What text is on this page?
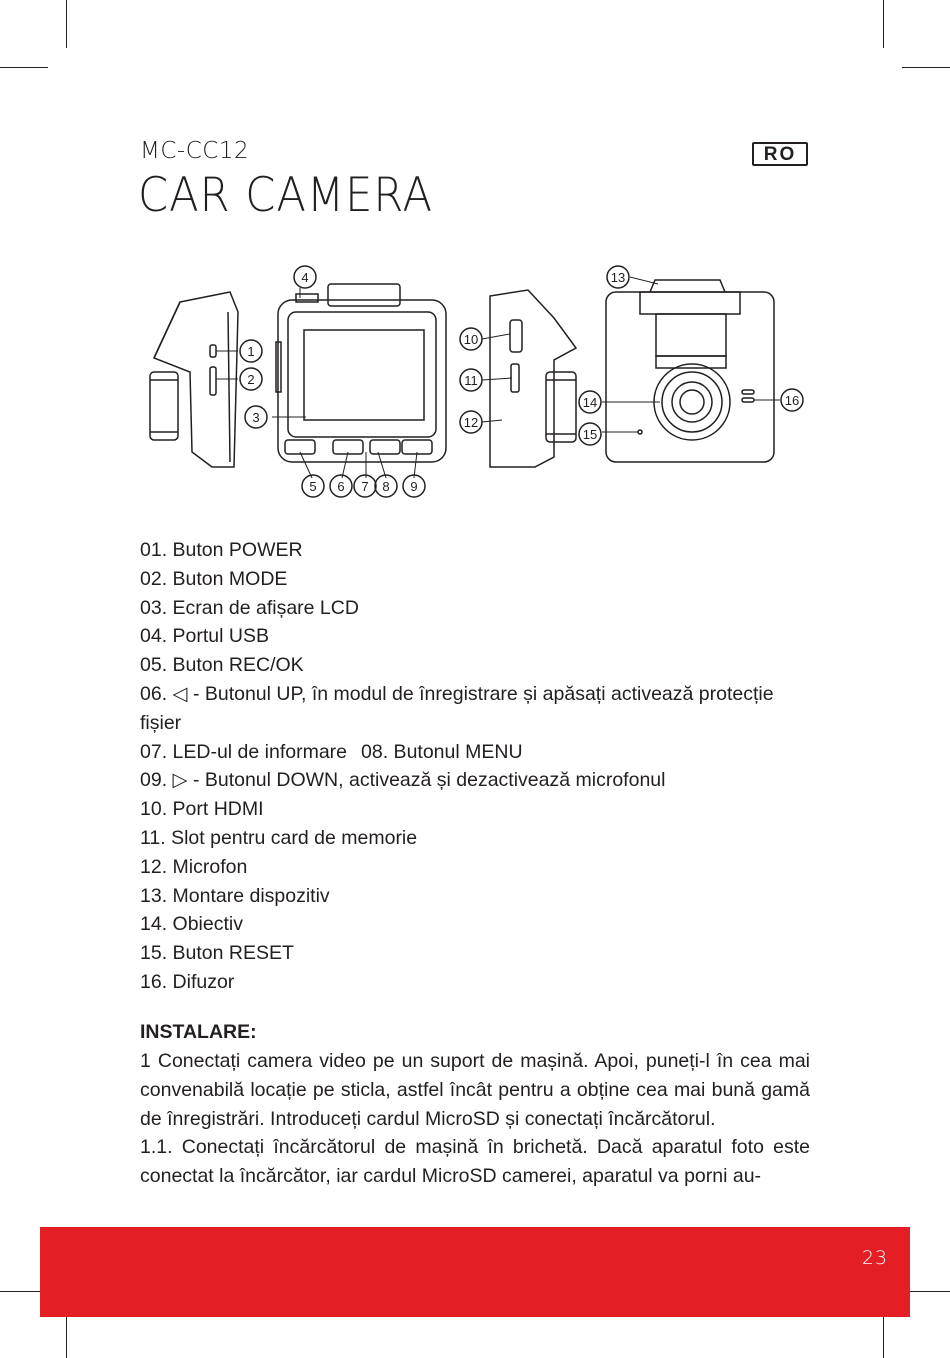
MC-CC12
CAR CAMERA
RO
1
2
3
4
5 6 7 8 9
10
11
12
13
14
15
16
01. Buton POWER
02. Buton MODE
03. Ecran de afișare LCD
04. Portul USB
05. Buton REC/OK
06. ◁ - Butonul UP, în modul de înregistrare și apăsați activează protecție fișier
07. LED-ul de informare 08. Butonul MENU
09. ▷ - Butonul DOWN, activează și dezactivează microfonul
10. Port HDMI
11. Slot pentru card de memorie
12. Microfon
13. Montare dispozitiv
14. Obiectiv
15. Buton RESET
16. Difuzor
INSTALARE:

1 Conectați camera video pe un suport de mașină. Apoi, puneți-l în cea mai convenabilă locație pe sticla, astfel încât pentru a obține cea mai bună gamă de înregistrări. Introduceți cardul MicroSD și conectați încărcătorul.

1.1. Conectați încărcătorul de mașină în brichetă. Dacă aparatul foto este conectat la încărcător, iar cardul MicroSD camerei, aparatul va porni au-

23
